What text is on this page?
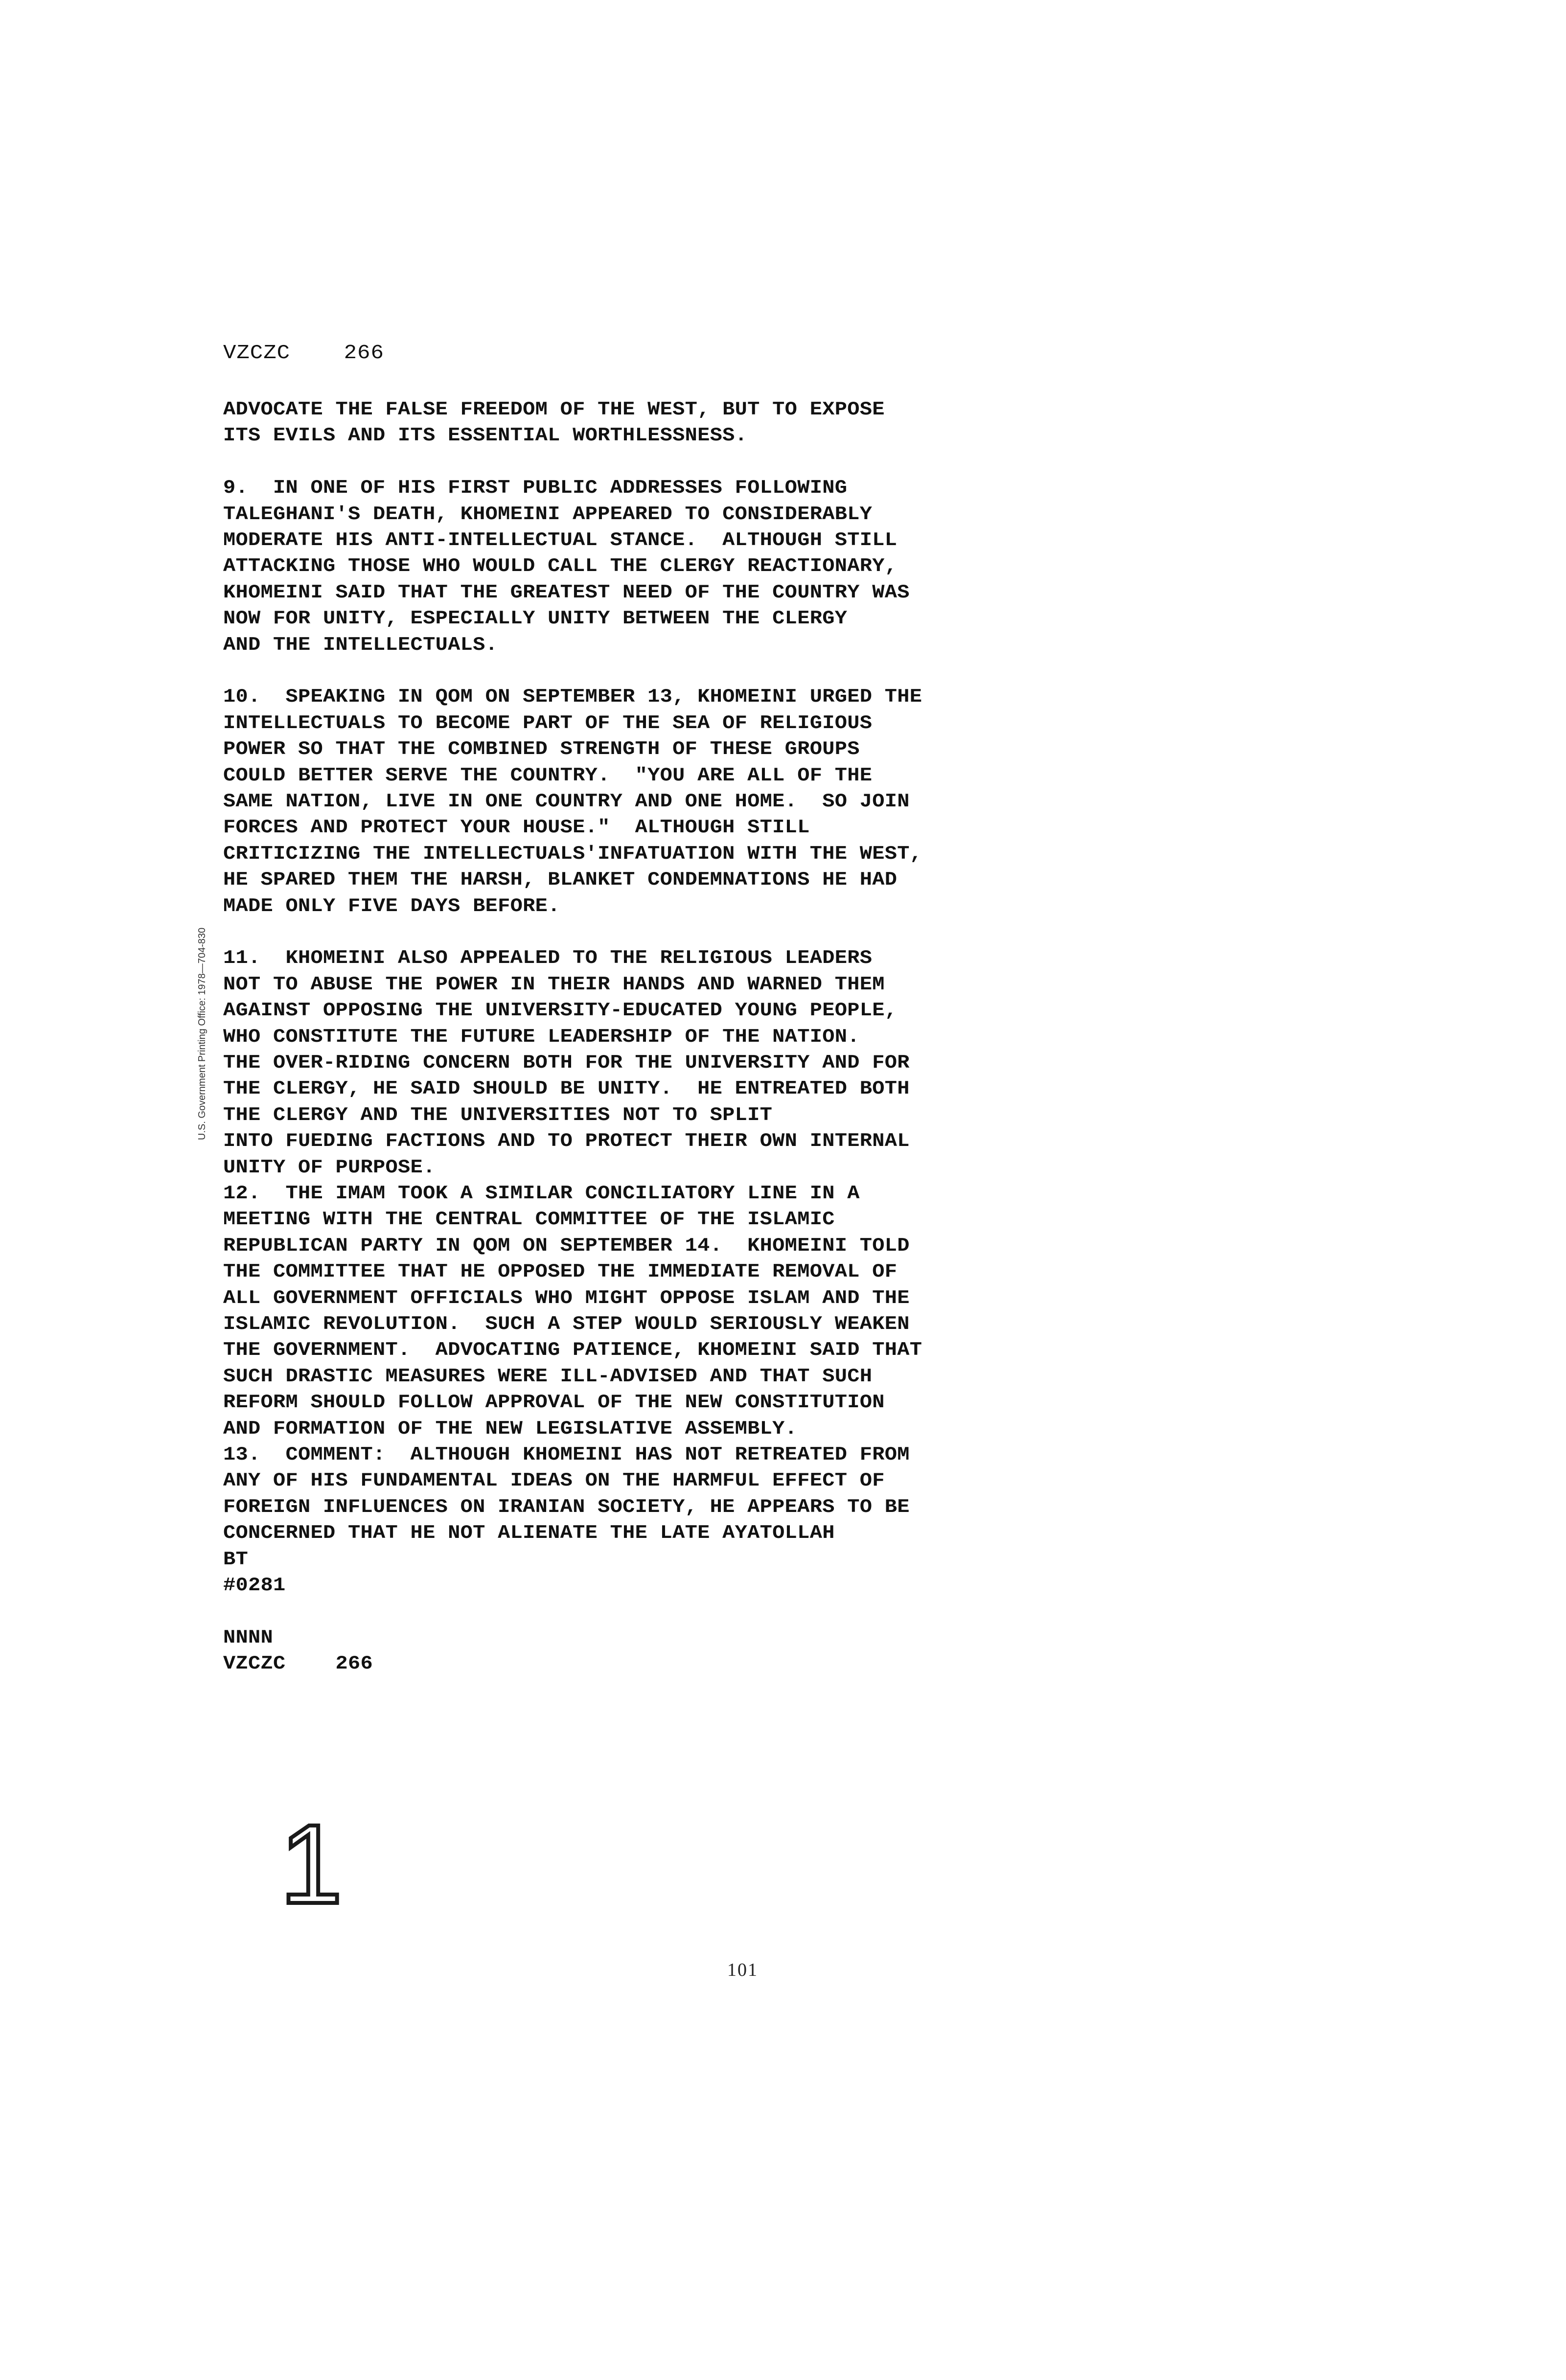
VZCZC    266
ADVOCATE THE FALSE FREEDOM OF THE WEST, BUT TO EXPOSE
ITS EVILS AND ITS ESSENTIAL WORTHLESSNESS.
9.  IN ONE OF HIS FIRST PUBLIC ADDRESSES FOLLOWING
TALEGHANI'S DEATH, KHOMEINI APPEARED TO CONSIDERABLY
MODERATE HIS ANTI-INTELLECTUAL STANCE.  ALTHOUGH STILL
ATTACKING THOSE WHO WOULD CALL THE CLERGY REACTIONARY,
KHOMEINI SAID THAT THE GREATEST NEED OF THE COUNTRY WAS
NOW FOR UNITY, ESPECIALLY UNITY BETWEEN THE CLERGY
AND THE INTELLECTUALS.
10.  SPEAKING IN QOM ON SEPTEMBER 13, KHOMEINI URGED THE
INTELLECTUALS TO BECOME PART OF THE SEA OF RELIGIOUS
POWER SO THAT THE COMBINED STRENGTH OF THESE GROUPS
COULD BETTER SERVE THE COUNTRY.  "YOU ARE ALL OF THE
SAME NATION, LIVE IN ONE COUNTRY AND ONE HOME.  SO JOIN
FORCES AND PROTECT YOUR HOUSE."  ALTHOUGH STILL
CRITICIZING THE INTELLECTUALS'INFATUATION WITH THE WEST,
HE SPARED THEM THE HARSH, BLANKET CONDEMNATIONS HE HAD
MADE ONLY FIVE DAYS BEFORE.
11.  KHOMEINI ALSO APPEALED TO THE RELIGIOUS LEADERS
NOT TO ABUSE THE POWER IN THEIR HANDS AND WARNED THEM
AGAINST OPPOSING THE UNIVERSITY-EDUCATED YOUNG PEOPLE,
WHO CONSTITUTE THE FUTURE LEADERSHIP OF THE NATION.
THE OVER-RIDING CONCERN BOTH FOR THE UNIVERSITY AND FOR
THE CLERGY, HE SAID SHOULD BE UNITY.  HE ENTREATED BOTH
THE CLERGY AND THE UNIVERSITIES NOT TO SPLIT
INTO FUEDING FACTIONS AND TO PROTECT THEIR OWN INTERNAL
UNITY OF PURPOSE.
12.  THE IMAM TOOK A SIMILAR CONCILIATORY LINE IN A
MEETING WITH THE CENTRAL COMMITTEE OF THE ISLAMIC
REPUBLICAN PARTY IN QOM ON SEPTEMBER 14.  KHOMEINI TOLD
THE COMMITTEE THAT HE OPPOSED THE IMMEDIATE REMOVAL OF
ALL GOVERNMENT OFFICIALS WHO MIGHT OPPOSE ISLAM AND THE
ISLAMIC REVOLUTION.  SUCH A STEP WOULD SERIOUSLY WEAKEN
THE GOVERNMENT.  ADVOCATING PATIENCE, KHOMEINI SAID THAT
SUCH DRASTIC MEASURES WERE ILL-ADVISED AND THAT SUCH
REFORM SHOULD FOLLOW APPROVAL OF THE NEW CONSTITUTION
AND FORMATION OF THE NEW LEGISLATIVE ASSEMBLY.
13.  COMMENT:  ALTHOUGH KHOMEINI HAS NOT RETREATED FROM
ANY OF HIS FUNDAMENTAL IDEAS ON THE HARMFUL EFFECT OF
FOREIGN INFLUENCES ON IRANIAN SOCIETY, HE APPEARS TO BE
CONCERNED THAT HE NOT ALIENATE THE LATE AYATOLLAH
BT
#0281
NNNN
VZCZC    266
U.S. Government Printing Office: 1978—704-830
1
101
